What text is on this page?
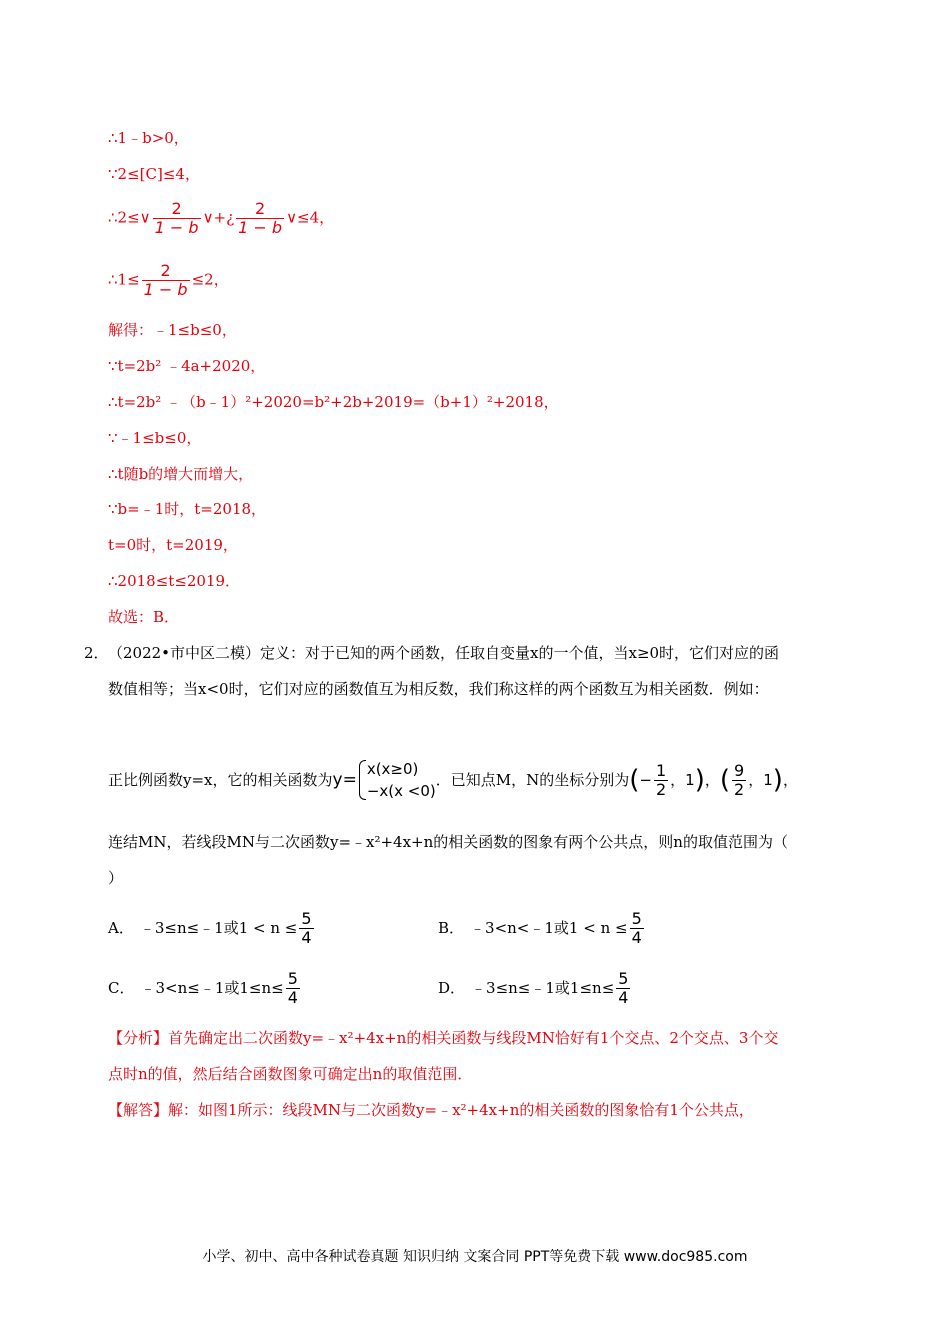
∴1﹣b>0，
∵2≤[C]≤4，
∴2≤∨ $\frac{2}{1 - b}$ ∨+¿ $\frac{2}{1 - b}$ ∨≤4，
∴1≤ $\frac{2}{1 - b} \le 2$，
解得：﹣1≤b≤0，
∵t=2b² ﹣4a+2020，
∴t=2b² ﹣（b﹣1）²+2020=b²+2b+2019=（b+1）²+2018，
∵﹣1≤b≤0，
∴t随b的增大而增大，
∵b=﹣1时，t=2018，
t=0时，t=2019，
∴2018≤t≤2019．
故选：B．
2． （2022•市中区二模）定义：对于已知的两个函数，任取自变量x的一个值，当x≥0时，它们对应的函
数值相等；当x<0时，它们对应的函数值互为相反数，我们称这样的两个函数互为相关函数．例如：
正比例函数y=x，它的相关函数为 y=
x(x≥0)
−x(x <0)
．已知点M，N的坐标分别为 ( − $\frac{1}{2}$ ， 1 ) ， ( $\frac{9}{2}$ ， 1 ) ，
连结MN，若线段MN与二次函数y=﹣x²+4x+n的相关函数的图象有两个公共点，则n的取值范围为（
）
A． ﹣3≤n≤﹣1或$1 < n \le \frac{5}{4}$	B． ﹣3<n<﹣1或$1 < n \le \frac{5}{4}$
C． ﹣3<n≤﹣1或$1\le n\le \frac{5}{4}$	D． ﹣3≤n≤﹣1或$1\le n\le \frac{5}{4}$
【分析】首先确定出二次函数y=﹣x²+4x+n的相关函数与线段MN恰好有1个交点、2个交点、3个交
点时n的值，然后结合函数图象可确定出n的取值范围．
【解答】解：如图1所示：线段MN与二次函数y=﹣x²+4x+n的相关函数的图象恰有1个公共点，
小学、初中、高中各种试卷真题 知识归纳 文案合同 PPT等免费下载 www.doc985.com
